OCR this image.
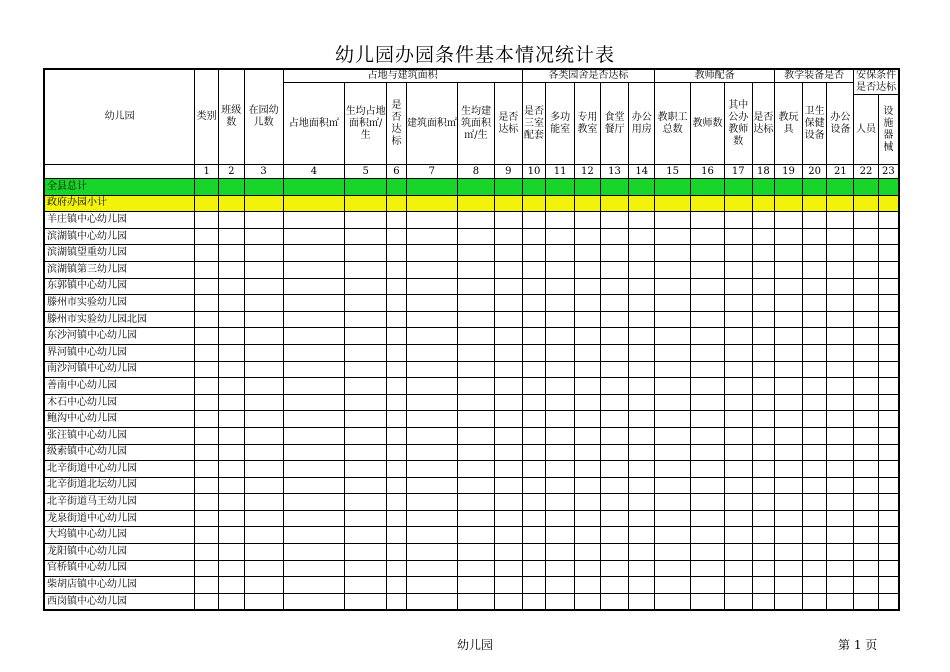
幼儿园办园条件基本情况统计表
幼儿园	类别	班级数	在园幼儿数	占地与建筑面积						各类园舍是否达标					教师配备				教学装备是否			安保条件是否达标	
				占地面积㎡	生均占地面积㎡/生	是否达标	建筑面积㎡	生均建筑面积㎡/生	是否达标	是否三室配套	多功能室	专用教室	食堂餐厅	办公用房	教职工总数	教师数	其中公办教师数	是否达标	教玩具	卫生保健设备	办公设备		
																						人员	设施器械
	1	2	3	4	5	6	7	8	9	10	11	12	13	14	15	16	17	18	19	20	21	22	23
全县总计																							
政府办园小计																							
羊庄镇中心幼儿园																							
滨湖镇中心幼儿园																							
滨湖镇望重幼儿园																							
滨湖镇第三幼儿园																							
东郭镇中心幼儿园																							
滕州市实验幼儿园																							
滕州市实验幼儿园北园																							
东沙河镇中心幼儿园																							
界河镇中心幼儿园																							
南沙河镇中心幼儿园																							
善南中心幼儿园																							
木石中心幼儿园																							
鲍沟中心幼儿园																							
张汪镇中心幼儿园																							
级索镇中心幼儿园																							
北辛街道中心幼儿园																							
北辛街道北坛幼儿园																							
北辛街道马王幼儿园																							
龙泉街道中心幼儿园																							
大坞镇中心幼儿园																							
龙阳镇中心幼儿园																							
官桥镇中心幼儿园																							
柴胡店镇中心幼儿园																							
西岗镇中心幼儿园																							
幼儿园	第 1 页
